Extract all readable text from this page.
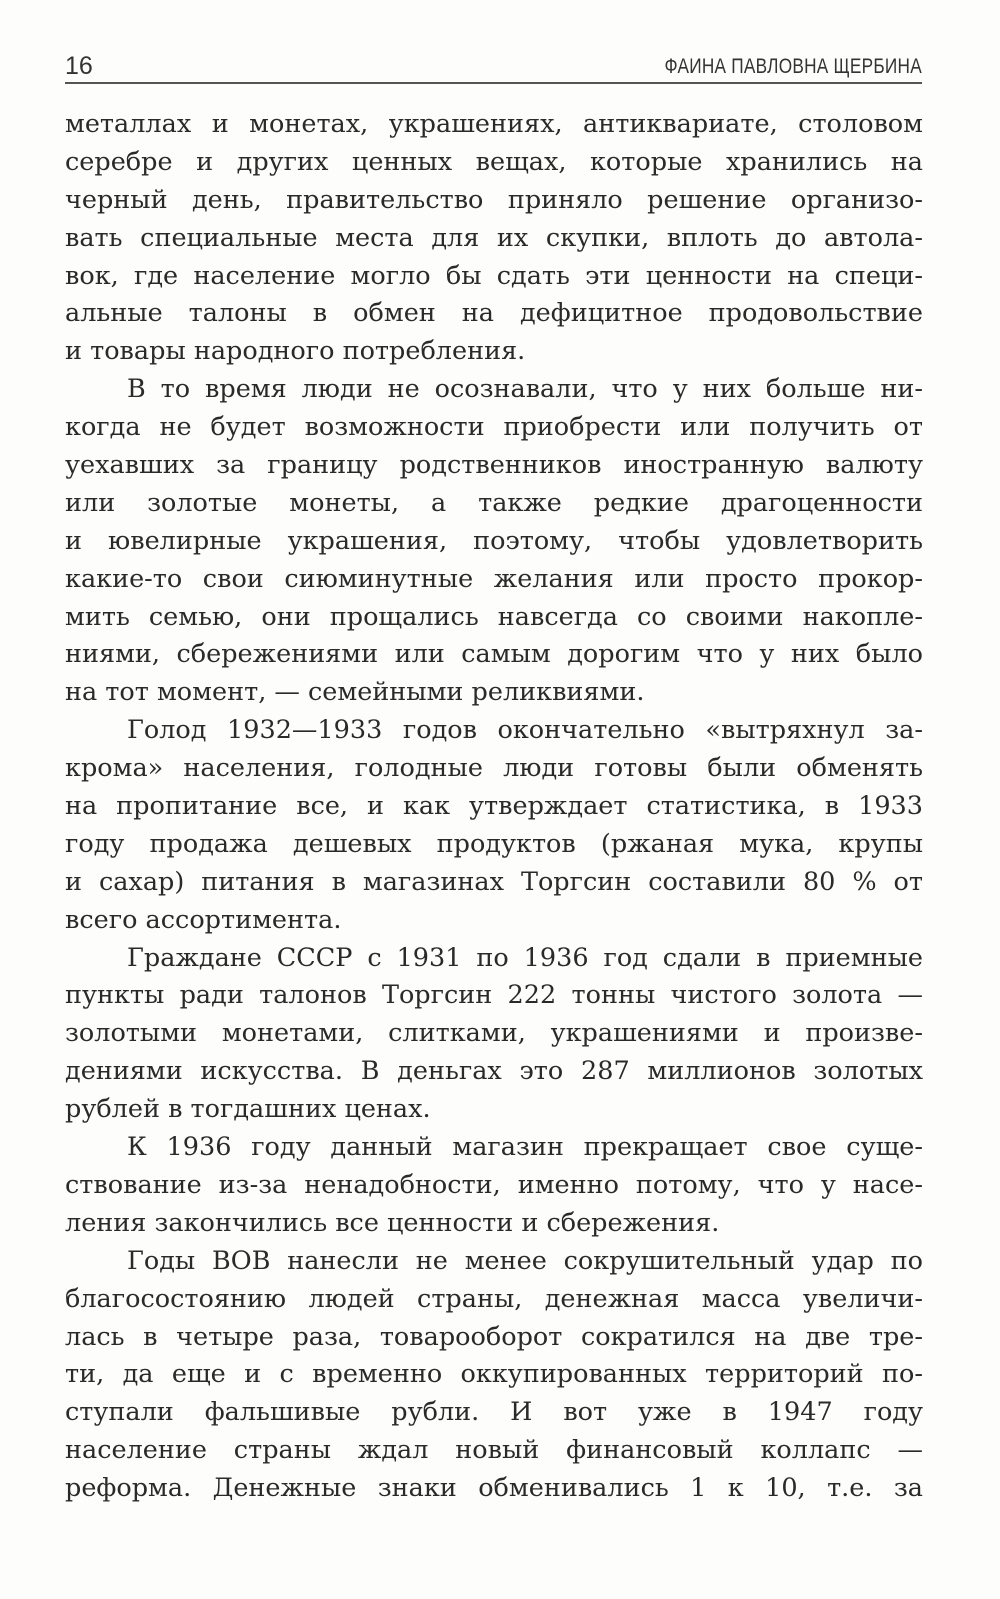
16	ФАИНА ПАВЛОВНА ЩЕРБИНА
металлах и монетах, украшениях, антиквариате, столовом
серебре и других ценных вещах, которые хранились на
черный день, правительство приняло решение организо-
вать специальные места для их скупки, вплоть до автола-
вок, где население могло бы сдать эти ценности на специ-
альные талоны в обмен на дефицитное продовольствие
и товары народного потребления.
В то время люди не осознавали, что у них больше ни-
когда не будет возможности приобрести или получить от
уехавших за границу родственников иностранную валюту
или золотые монеты, а также редкие драгоценности
и ювелирные украшения, поэтому, чтобы удовлетворить
какие-то свои сиюминутные желания или просто прокор-
мить семью, они прощались навсегда со своими накопле-
ниями, сбережениями или самым дорогим что у них было
на тот момент, — семейными реликвиями.
Голод 1932—1933 годов окончательно «вытряхнул за-
крома» населения, голодные люди готовы были обменять
на пропитание все, и как утверждает статистика, в 1933
году продажа дешевых продуктов (ржаная мука, крупы
и сахар) питания в магазинах Торгсин составили 80 % от
всего ассортимента.
Граждане СССР с 1931 по 1936 год сдали в приемные
пункты ради талонов Торгсин 222 тонны чистого золота —
золотыми монетами, слитками, украшениями и произве-
дениями искусства. В деньгах это 287 миллионов золотых
рублей в тогдашних ценах.
К 1936 году данный магазин прекращает свое суще-
ствование из-за ненадобности, именно потому, что у насе-
ления закончились все ценности и сбережения.
Годы ВОВ нанесли не менее сокрушительный удар по
благосостоянию людей страны, денежная масса увеличи-
лась в четыре раза, товарооборот сократился на две тре-
ти, да еще и с временно оккупированных территорий по-
ступали фальшивые рубли. И вот уже в 1947 году
население страны ждал новый финансовый коллапс —
реформа. Денежные знаки обменивались 1 к 10, т.е. за
